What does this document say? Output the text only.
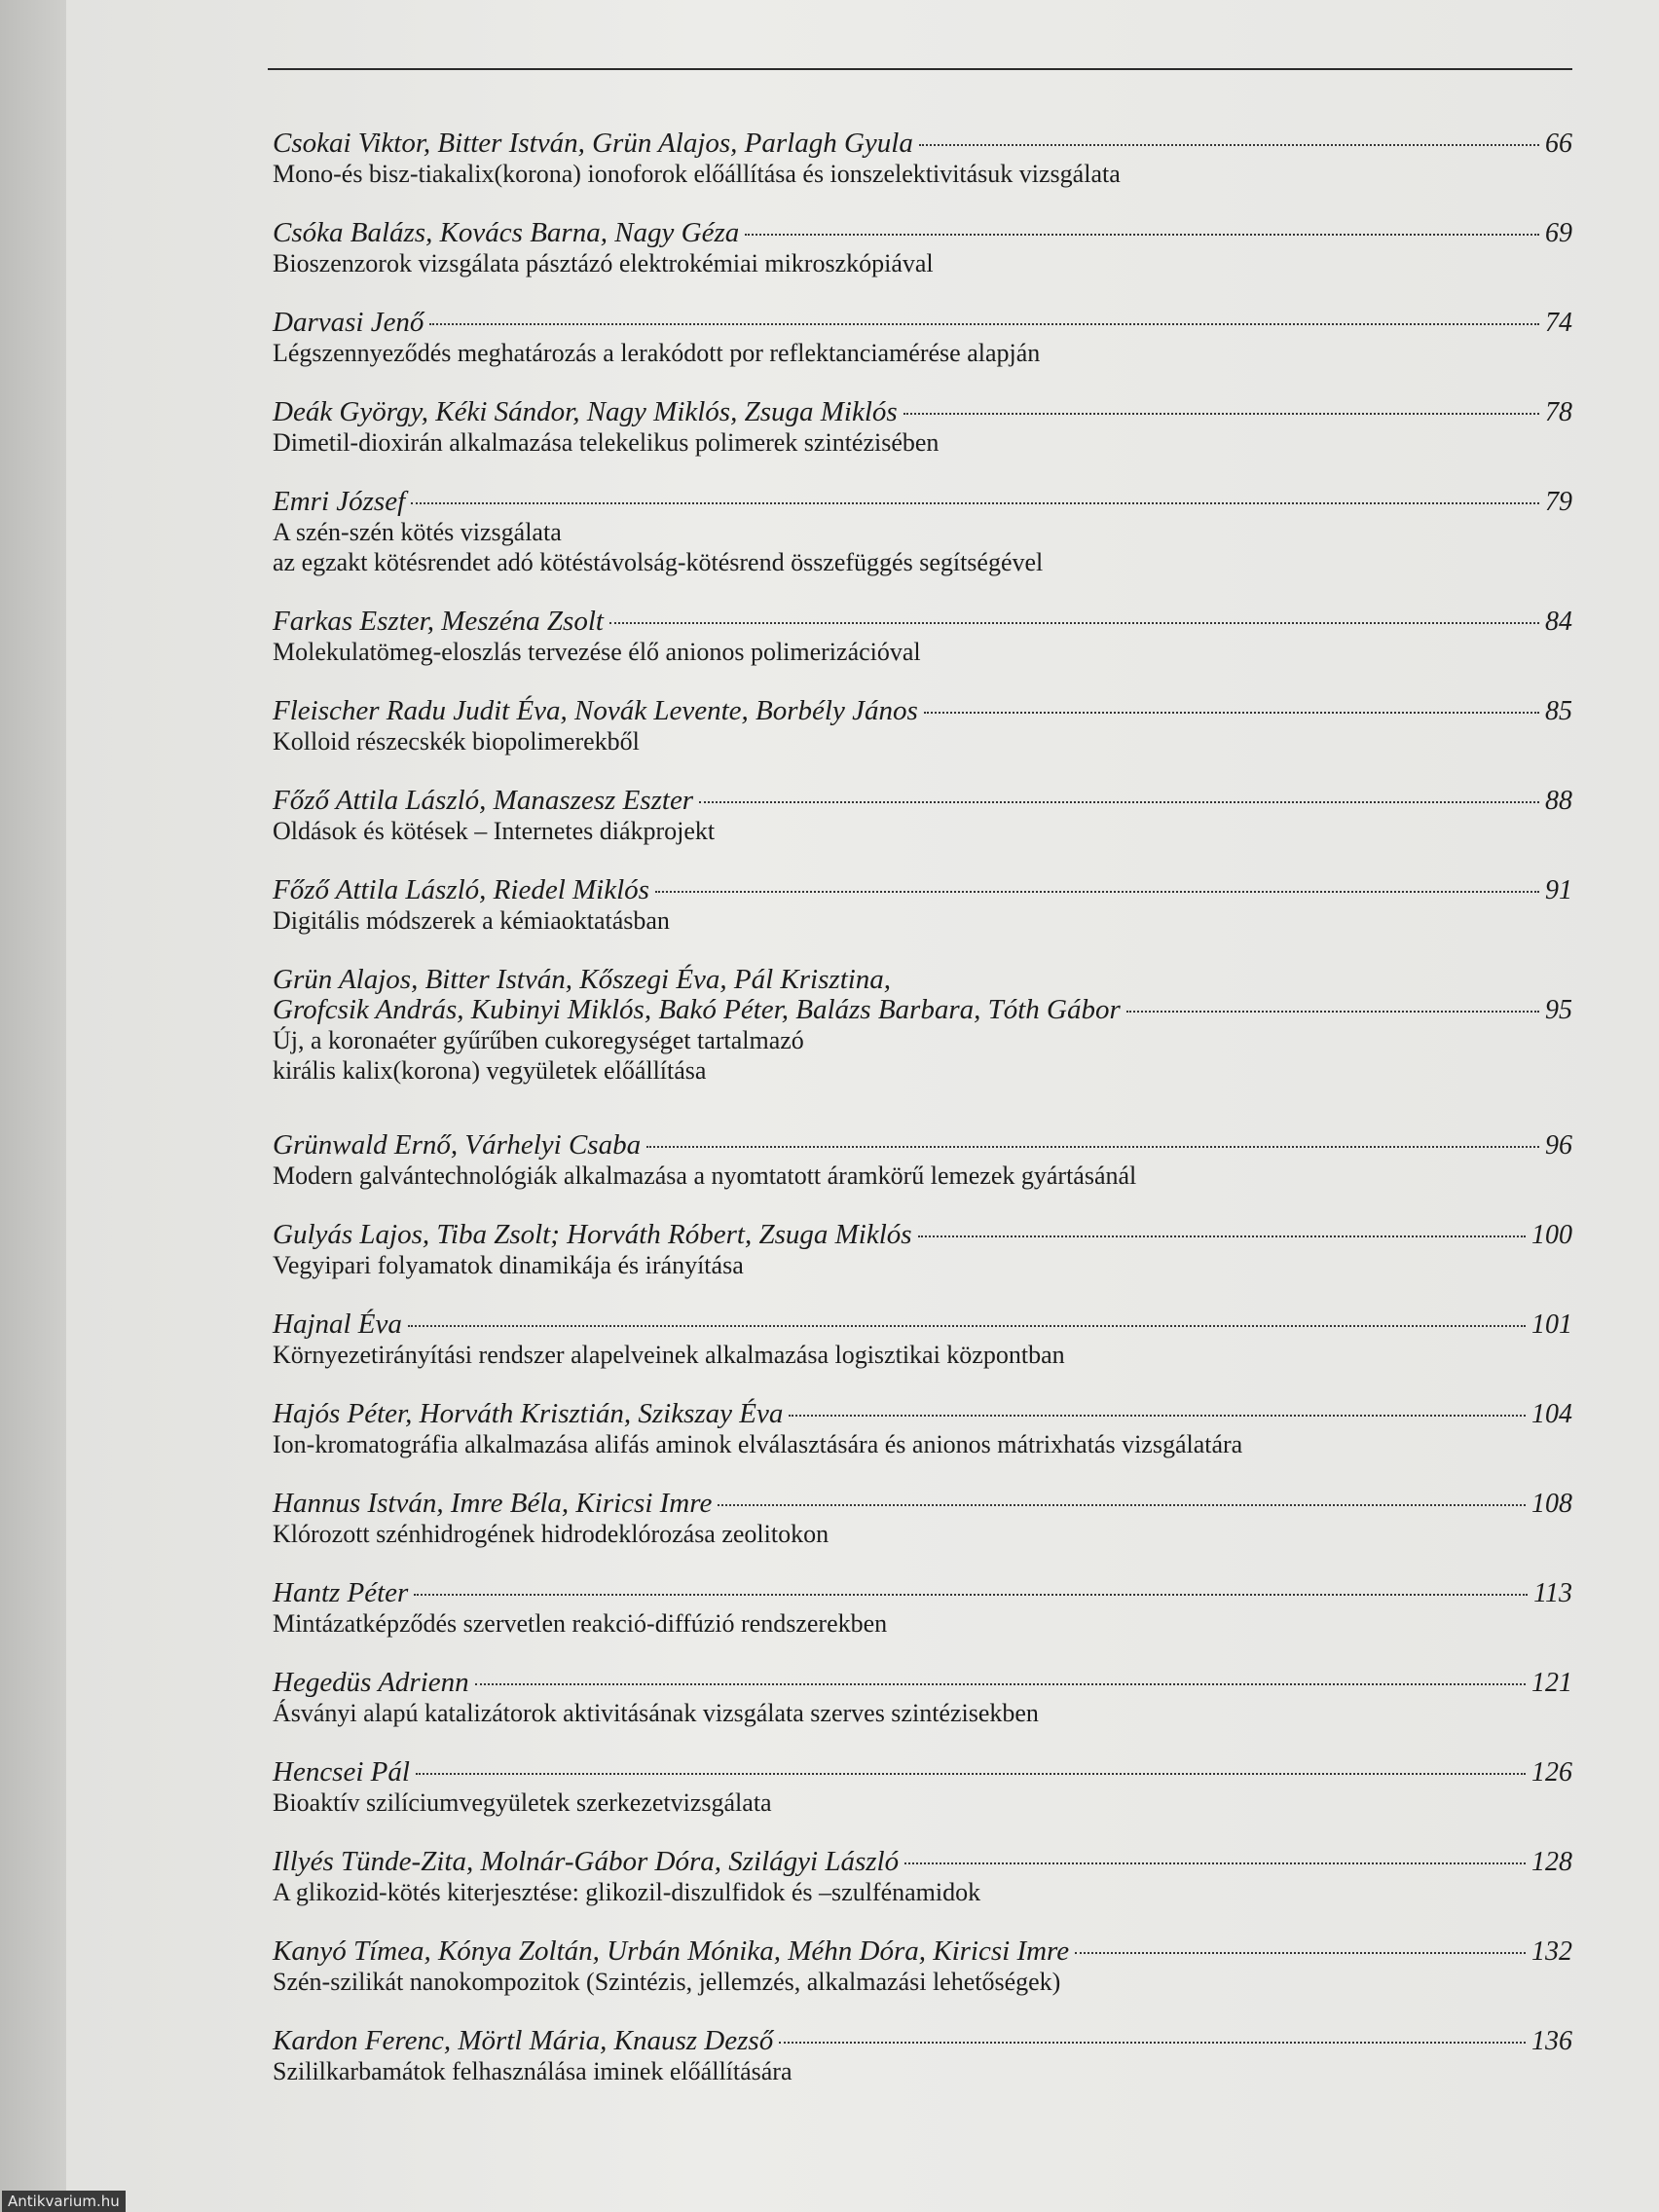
Csokai Viktor, Bitter István, Grün Alajos, Parlagh Gyula	66
Mono-és bisz-tiakalix(korona) ionoforok előállítása és ionszelektivitásuk vizsgálata
Csóka Balázs, Kovács Barna, Nagy Géza	69
Bioszenzorok vizsgálata pásztázó elektrokémiai mikroszkópiával
Darvasi Jenő	74
Légszennyeződés meghatározás a lerakódott por reflektanciamérése alapján
Deák György, Kéki Sándor, Nagy Miklós, Zsuga Miklós	78
Dimetil-dioxirán alkalmazása telekelikus polimerek szintézisében
Emri József	79
A szén-szén kötés vizsgálata
az egzakt kötésrendet adó kötéstávolság-kötésrend összefüggés segítségével
Farkas Eszter, Meszéna Zsolt	84
Molekulatömeg-eloszlás tervezése élő anionos polimerizációval
Fleischer Radu Judit Éva, Novák Levente, Borbély János	85
Kolloid részecskék biopolimerekből
Főző Attila László, Manaszesz Eszter	88
Oldások és kötések – Internetes diákprojekt
Főző Attila László, Riedel Miklós	91
Digitális módszerek a kémiaoktatásban
Grün Alajos, Bitter István, Kőszegi Éva, Pál Krisztina,
Grofcsik András, Kubinyi Miklós, Bakó Péter, Balázs Barbara, Tóth Gábor	95
Új, a koronaéter gyűrűben cukoregységet tartalmazó
királis kalix(korona) vegyületek előállítása
Grünwald Ernő, Várhelyi Csaba	96
Modern galvántechnológiák alkalmazása a nyomtatott áramkörű lemezek gyártásánál
Gulyás Lajos, Tiba Zsolt; Horváth Róbert, Zsuga Miklós	100
Vegyipari folyamatok dinamikája és irányítása
Hajnal Éva	101
Környezetirányítási rendszer alapelveinek alkalmazása logisztikai központban
Hajós Péter, Horváth Krisztián, Szikszay Éva	104
Ion-kromatográfia alkalmazása alifás aminok elválasztására és anionos mátrixhatás vizsgálatára
Hannus István, Imre Béla, Kiricsi Imre	108
Klórozott szénhidrogének hidrodeklórozása zeolitokon
Hantz Péter	113
Mintázatképződés szervetlen reakció-diffúzió rendszerekben
Hegedüs Adrienn	121
Ásványi alapú katalizátorok aktivitásának vizsgálata szerves szintézisekben
Hencsei Pál	126
Bioaktív szilíciumvegyületek szerkezetvizsgálata
Illyés Tünde-Zita, Molnár-Gábor Dóra, Szilágyi László	128
A glikozid-kötés kiterjesztése: glikozil-diszulfidok és –szulfénamidok
Kanyó Tímea, Kónya Zoltán, Urbán Mónika, Méhn Dóra, Kiricsi Imre	132
Szén-szilikát nanokompozitok (Szintézis, jellemzés, alkalmazási lehetőségek)
Kardon Ferenc, Mörtl Mária, Knausz Dezső	136
Szililkarbamátok felhasználása iminek előállítására
Antikvarium.hu
